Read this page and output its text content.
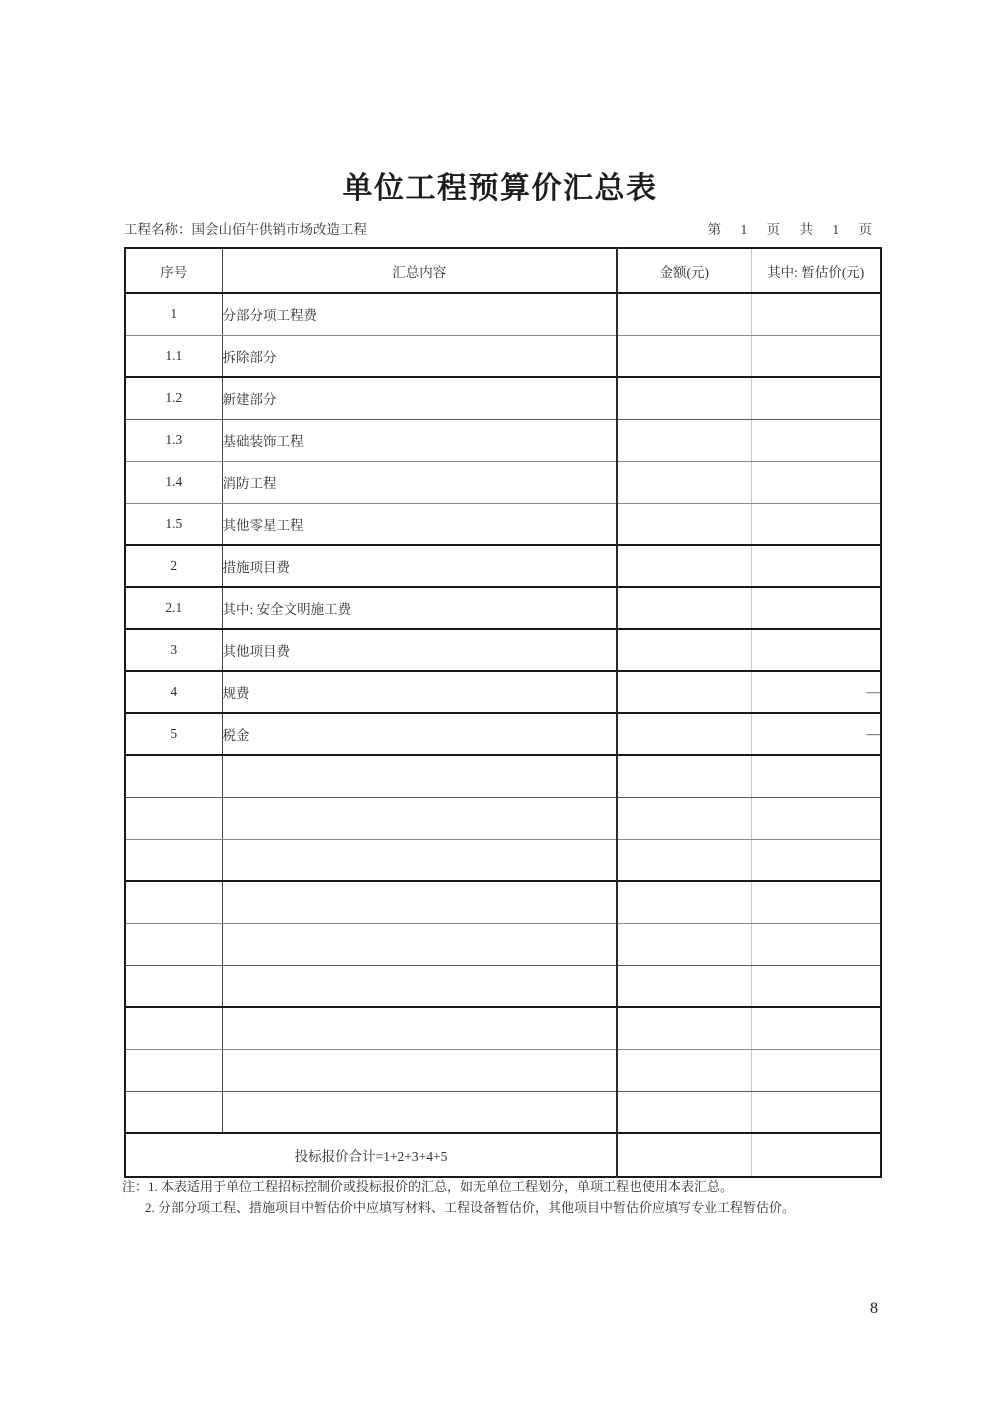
单位工程预算价汇总表
工程名称：国会山佰午供销市场改造工程	第 1 页 共 1 页
序号	汇总内容	金额(元)	其中: 暂估价(元)
1	分部分项工程费		
1.1	拆除部分		
1.2	新建部分		
1.3	基础装饰工程		
1.4	消防工程		
1.5	其他零星工程		
2	措施项目费		
2.1	其中: 安全文明施工费		
3	其他项目费		
4	规费		—
5	税金		—

投标报价合计=1+2+3+4+5			
注：1. 本表适用于单位工程招标控制价或投标报价的汇总，如无单位工程划分，单项工程也使用本表汇总。
2. 分部分项工程、措施项目中暂估价中应填写材料、工程设备暂估价，其他项目中暂估价应填写专业工程暂估价。
8
